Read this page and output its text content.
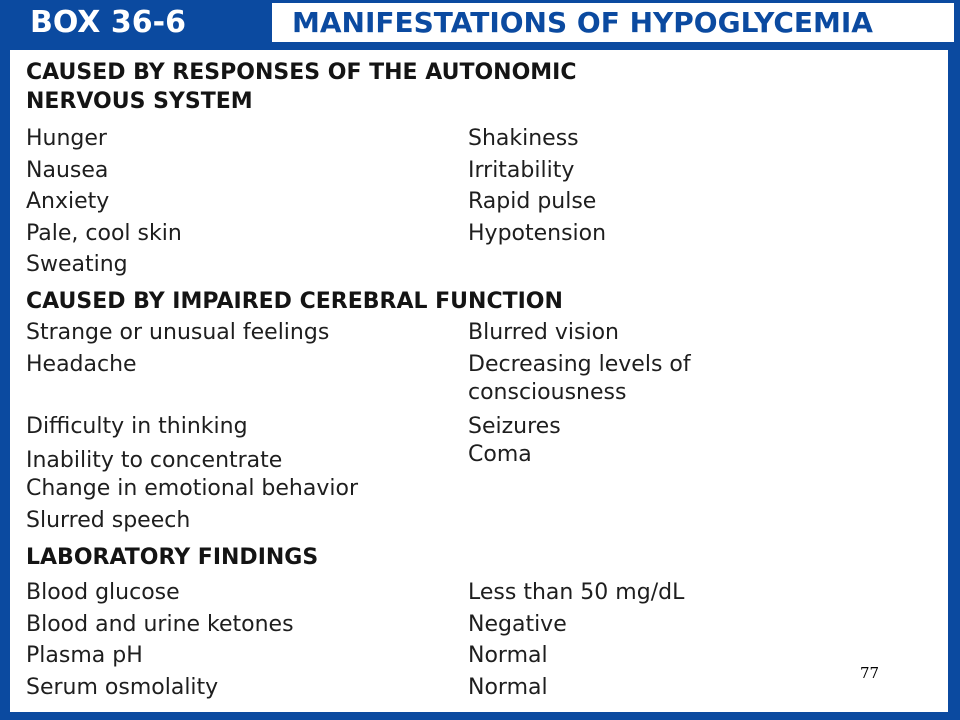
BOX 36-6	MANIFESTATIONS OF HYPOGLYCEMIA
CAUSED BY RESPONSES OF THE AUTONOMIC
NERVOUS SYSTEM
Hunger
Nausea
Anxiety
Pale, cool skin
Sweating
Shakiness
Irritability
Rapid pulse
Hypotension
CAUSED BY IMPAIRED CEREBRAL FUNCTION
Strange or unusual feelings
Headache
Difficulty in thinking
Inability to concentrate
Change in emotional behavior
Slurred speech
Blurred vision
Decreasing levels of
consciousness
Seizures
Coma
LABORATORY FINDINGS
Blood glucose
Blood and urine ketones
Plasma pH
Serum osmolality
Less than 50 mg/dL
Negative
Normal
Normal
77
